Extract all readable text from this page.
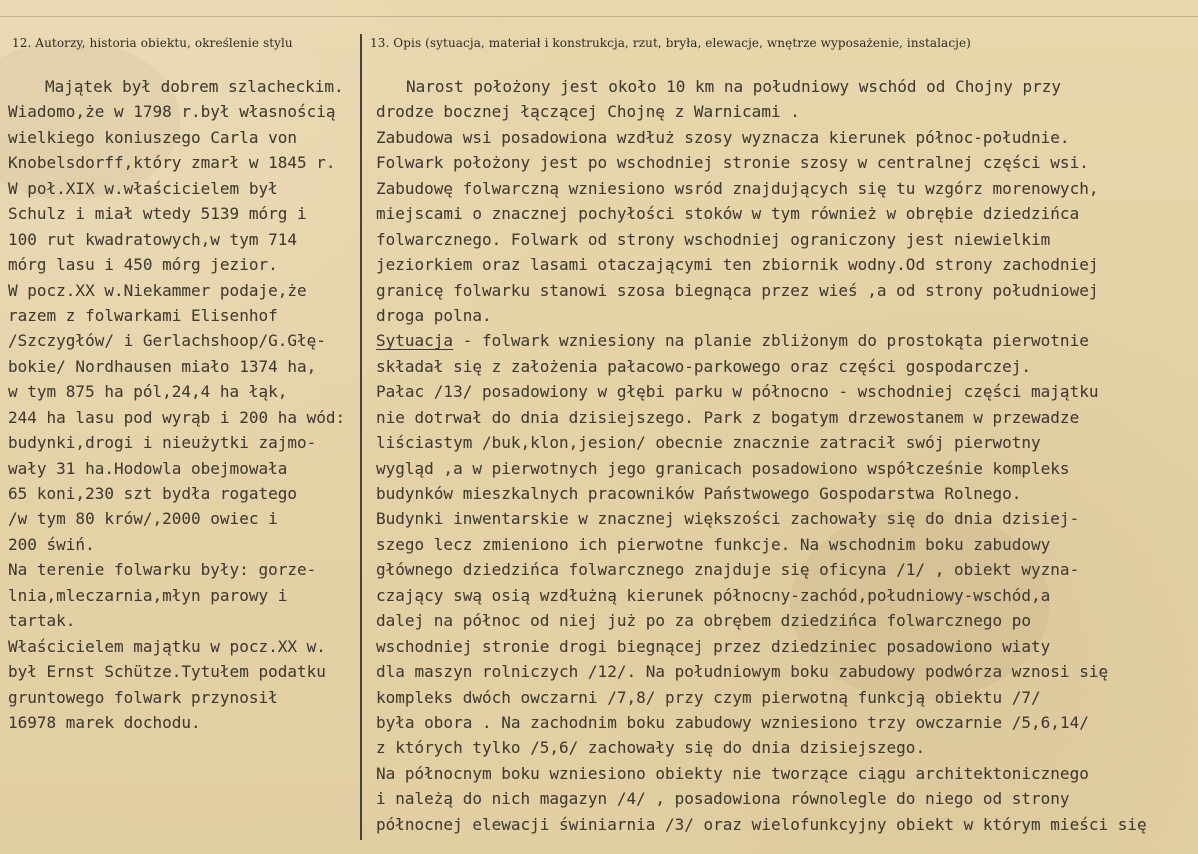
12. Autorzy, historia obiektu, określenie stylu	13. Opis (sytuacja, materiał i konstrukcja, rzut, bryła, elewacje, wnętrze wyposażenie, instalacje)
Majątek był dobrem szlacheckim.
Wiadomo,że w 1798 r.był własnością
wielkiego koniuszego Carla von
Knobelsdorff,który zmarł w 1845 r.
W poł.XIX w.właścicielem był
Schulz i miał wtedy 5139 mórg i
100 rut kwadratowych,w tym 714
mórg lasu i 450 mórg jezior.
W pocz.XX w.Niekammer podaje,że
razem z folwarkami Elisenhof
/Szczygłów/ i Gerlachshoop/G.Głę-
bokie/ Nordhausen miało 1374 ha,
w tym 875 ha pól,24,4 ha łąk,
244 ha lasu pod wyrąb i 200 ha wód:
budynki,drogi i nieużytki zajmo-
wały 31 ha.Hodowla obejmowała
65 koni,230 szt bydła rogatego
/w tym 80 krów/,2000 owiec i
200 świń.
Na terenie folwarku były: gorze-
lnia,mleczarnia,młyn parowy i
tartak.
Właścicielem majątku w pocz.XX w.
był Ernst Schütze.Tytułem podatku
gruntowego folwark przynosił
16978 marek dochodu.
Narost położony jest około 10 km na południowy wschód od Chojny przy
drodze bocznej łączącej Chojnę z Warnicami .
Zabudowa wsi posadowiona wzdłuż szosy wyznacza kierunek północ-południe.
Folwark położony jest po wschodniej stronie szosy w centralnej części wsi.
Zabudowę folwarczną wzniesiono wsród znajdujących się tu wzgórz morenowych,
miejscami o znacznej pochyłości stoków w tym również w obrębie dziedzińca
folwarcznego. Folwark od strony wschodniej ograniczony jest niewielkim
jeziorkiem oraz lasami otaczającymi ten zbiornik wodny.Od strony zachodniej
granicę folwarku stanowi szosa biegnąca przez wieś ,a od strony południowej
droga polna.
Sytuacja - folwark wzniesiony na planie zbliżonym do prostokąta pierwotnie
składał się z założenia pałacowo-parkowego oraz części gospodarczej.
Pałac /13/ posadowiony w głębi parku w północno - wschodniej części majątku
nie dotrwał do dnia dzisiejszego. Park z bogatym drzewostanem w przewadze
liściastym /buk,klon,jesion/ obecnie znacznie zatracił swój pierwotny
wygląd ,a w pierwotnych jego granicach posadowiono współcześnie kompleks
budynków mieszkalnych pracowników Państwowego Gospodarstwa Rolnego.
Budynki inwentarskie w znacznej większości zachowały się do dnia dzisiej-
szego lecz zmieniono ich pierwotne funkcje. Na wschodnim boku zabudowy
głównego dziedzińca folwarcznego znajduje się oficyna /1/ , obiekt wyzna-
czający swą osią wzdłużną kierunek północny-zachód,południowy-wschód,a
dalej na północ od niej już po za obrębem dziedzińca folwarcznego po
wschodniej stronie drogi biegnącej przez dziedziniec posadowiono wiaty
dla maszyn rolniczych /12/. Na południowym boku zabudowy podwórza wznosi się
kompleks dwóch owczarni /7,8/ przy czym pierwotną funkcją obiektu /7/
była obora . Na zachodnim boku zabudowy wzniesiono trzy owczarnie /5,6,14/
z których tylko /5,6/ zachowały się do dnia dzisiejszego.
Na północnym boku wzniesiono obiekty nie tworzące ciągu architektonicznego
i należą do nich magazyn /4/ , posadowiona równolegle do niego od strony
północnej elewacji świniarnia /3/ oraz wielofunkcyjny obiekt w którym mieści się
